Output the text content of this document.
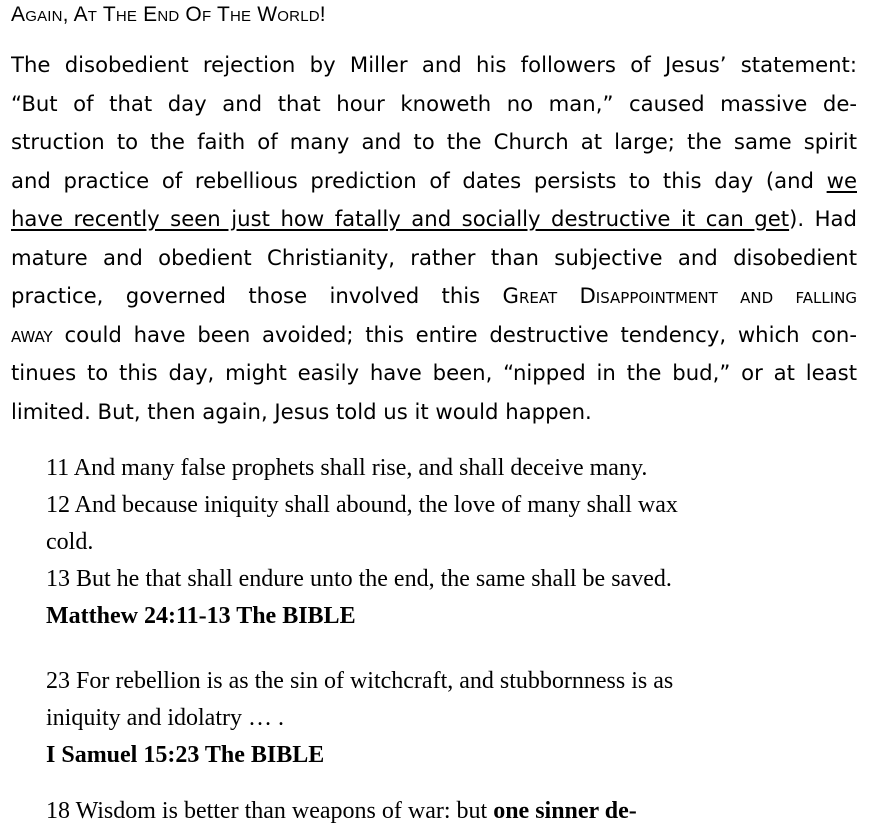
Again, At The End Of The World!
The disobedient rejection by Miller and his followers of Jesus’ statement:
“But of that day and that hour knoweth no man,” caused massive de-
struction to the faith of many and to the Church at large; the same spirit
and practice of rebellious prediction of dates persists to this day (and we
have recently seen just how fatally and socially destructive it can get). Had
mature and obedient Christianity, rather than subjective and disobedient
practice, governed those involved this Great Disappointment and falling
away could have been avoided; this entire destructive tendency, which con-
tinues to this day, might easily have been, “nipped in the bud,” or at least
limited. But, then again, Jesus told us it would happen.
11 And many false prophets shall rise, and shall deceive many.
12 And because iniquity shall abound, the love of many shall wax
cold.
13 But he that shall endure unto the end, the same shall be saved.
Matthew 24:11-13 The BIBLE
23 For rebellion is as the sin of witchcraft, and stubbornness is as
iniquity and idolatry … .
I Samuel 15:23 The BIBLE
18 Wisdom is better than weapons of war: but one sinner de-
